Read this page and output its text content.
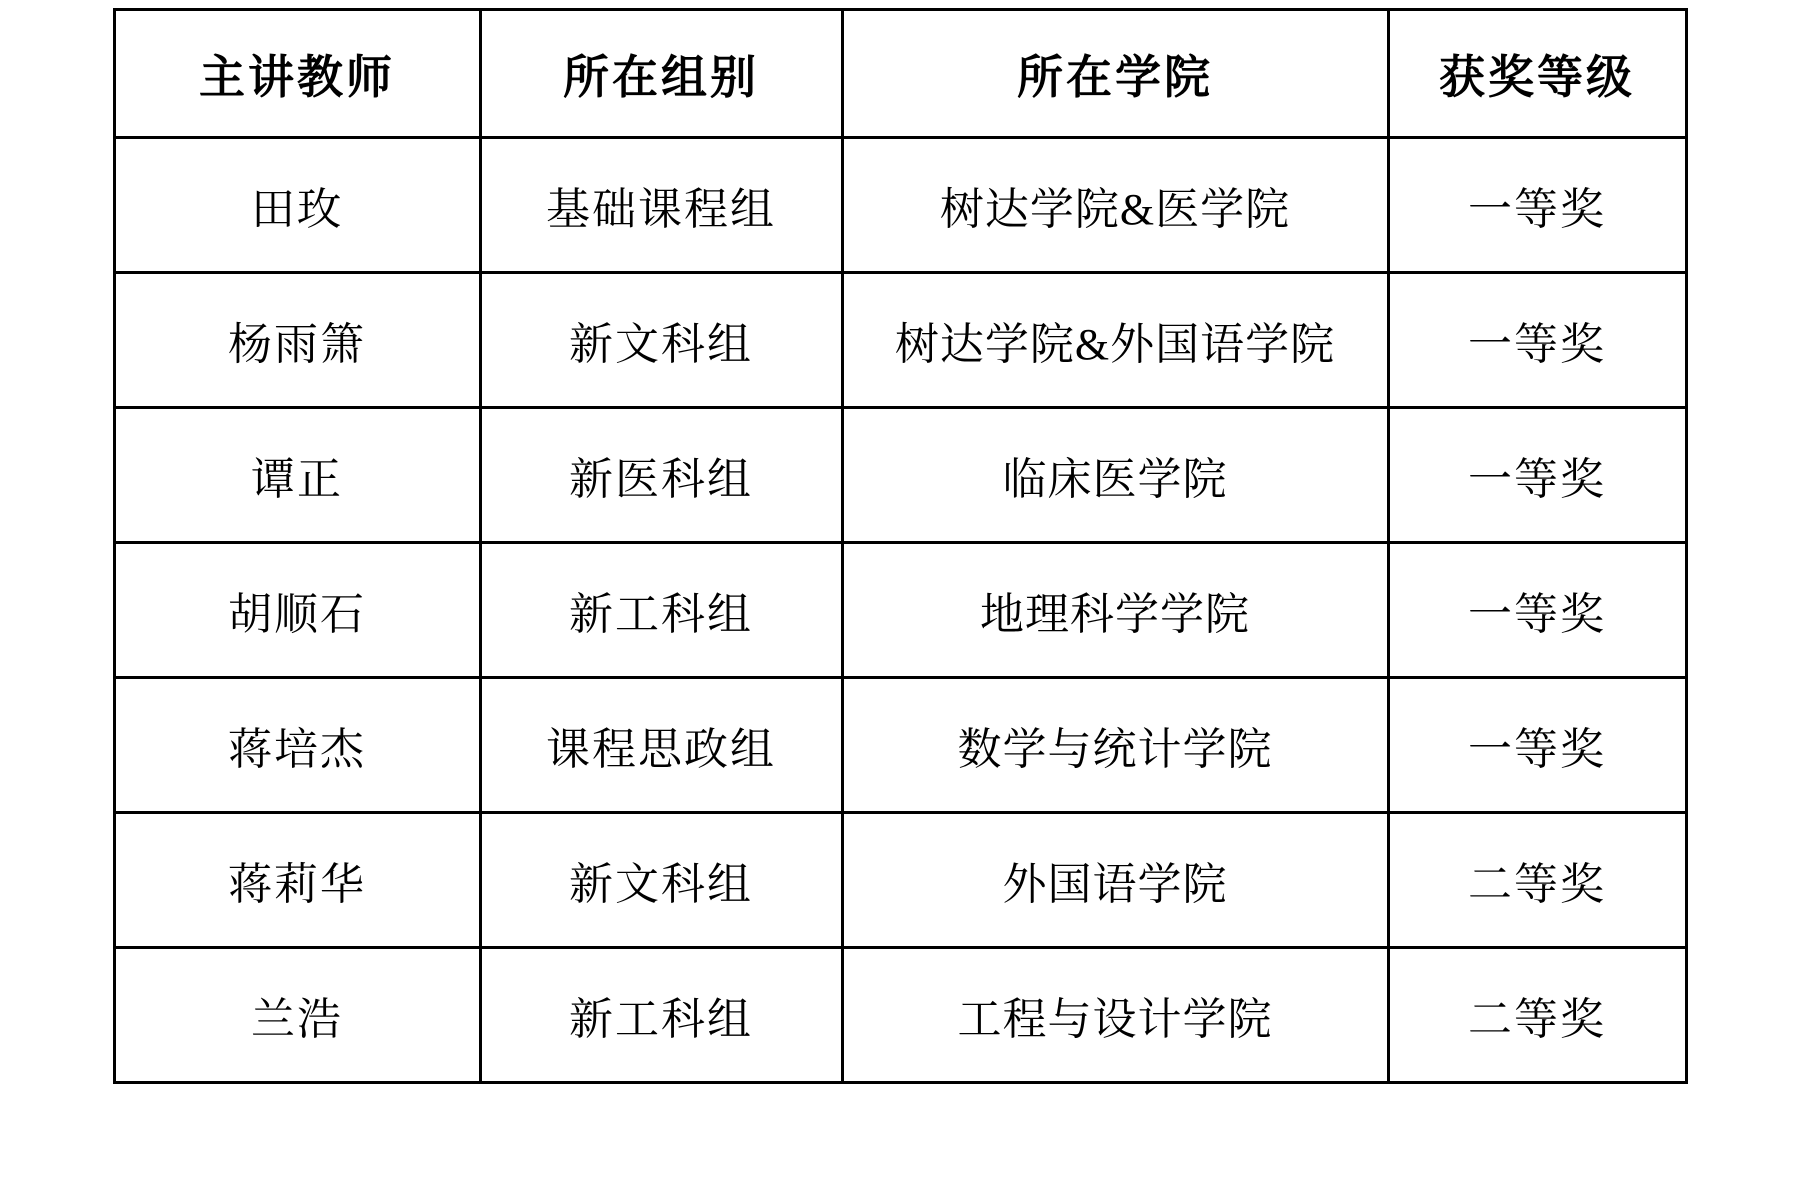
主讲教师	所在组别	所在学院	获奖等级
田玫	基础课程组	树达学院&医学院	一等奖
杨雨箫	新文科组	树达学院&外国语学院	一等奖
谭正	新医科组	临床医学院	一等奖
胡顺石	新工科组	地理科学学院	一等奖
蒋培杰	课程思政组	数学与统计学院	一等奖
蒋莉华	新文科组	外国语学院	二等奖
兰浩	新工科组	工程与设计学院	二等奖
